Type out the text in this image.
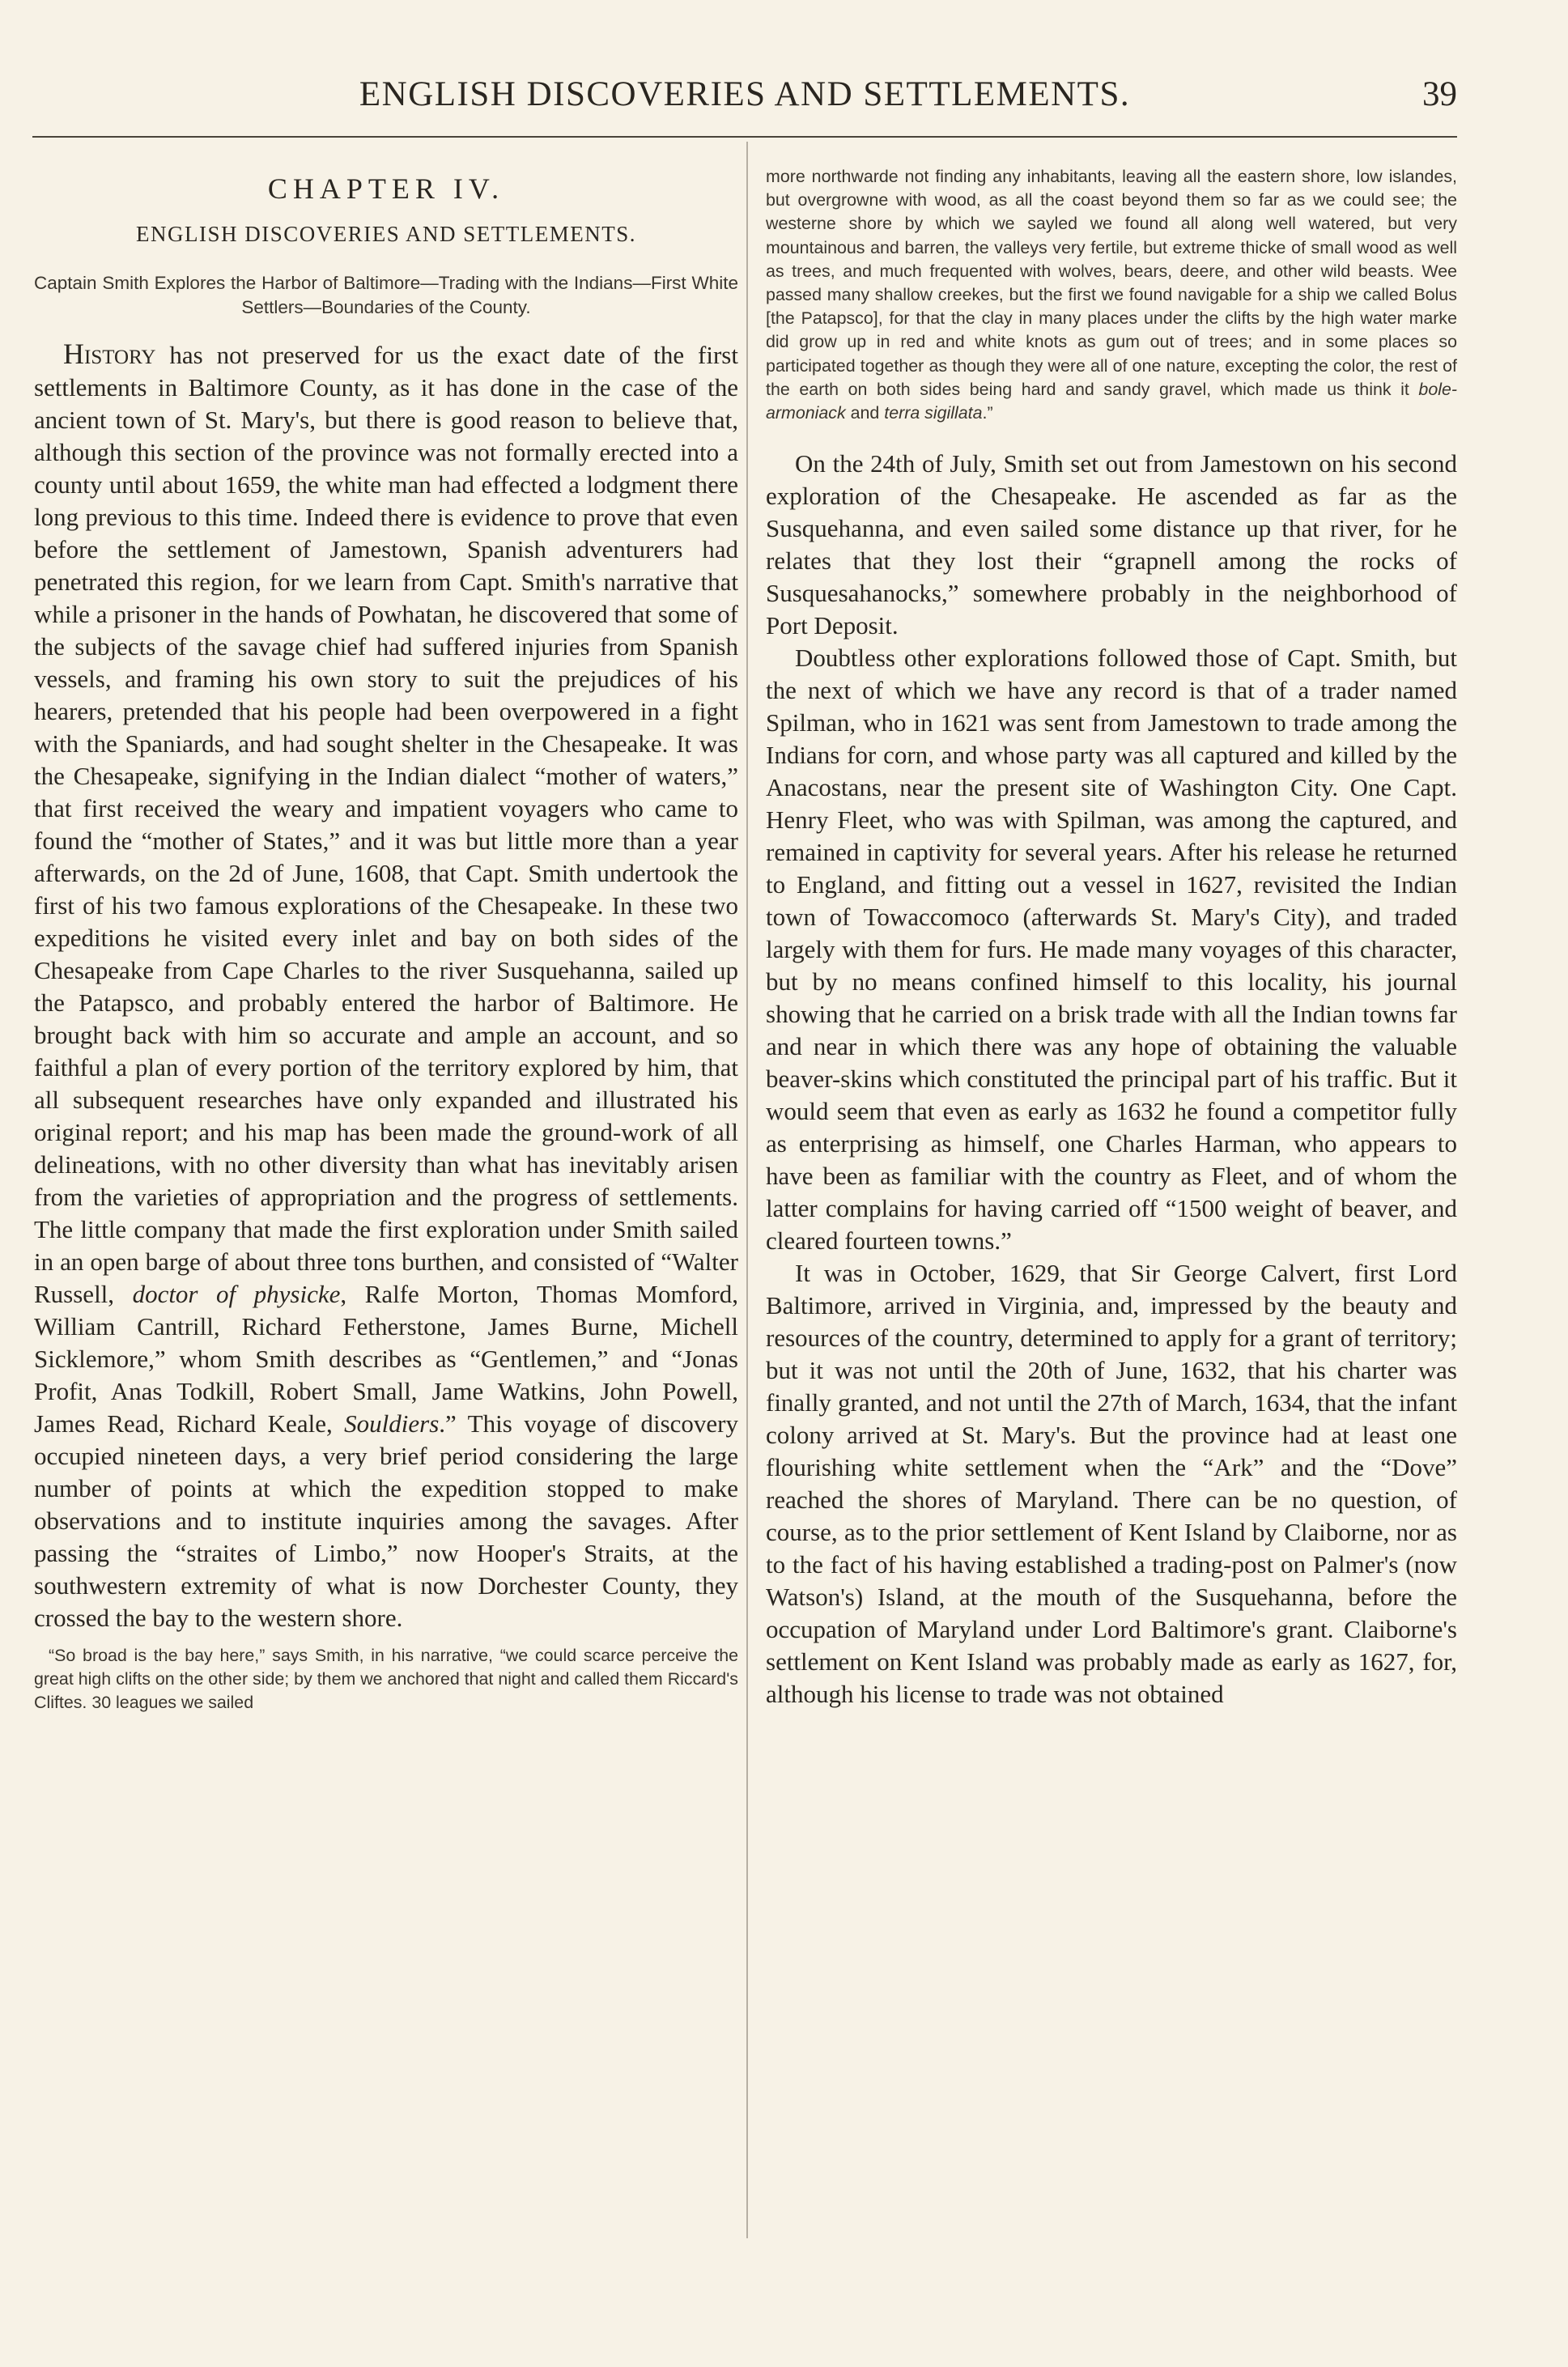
ENGLISH DISCOVERIES AND SETTLEMENTS.	39
CHAPTER IV.
ENGLISH DISCOVERIES AND SETTLEMENTS.
Captain Smith Explores the Harbor of Baltimore—Trading with the Indians—First White Settlers—Boundaries of the County.

History has not preserved for us the exact date of the first settlements in Baltimore County, as it has done in the case of the ancient town of St. Mary's, but there is good reason to believe that, although this section of the province was not formally erected into a county until about 1659, the white man had effected a lodgment there long previous to this time. Indeed there is evidence to prove that even before the settlement of Jamestown, Spanish adventurers had penetrated this region, for we learn from Capt. Smith's narrative that while a prisoner in the hands of Powhatan, he discovered that some of the subjects of the savage chief had suffered injuries from Spanish vessels, and framing his own story to suit the prejudices of his hearers, pretended that his people had been overpowered in a fight with the Spaniards, and had sought shelter in the Chesapeake. It was the Chesapeake, signifying in the Indian dialect “mother of waters,” that first received the weary and impatient voyagers who came to found the “mother of States,” and it was but little more than a year afterwards, on the 2d of June, 1608, that Capt. Smith undertook the first of his two famous explorations of the Chesapeake. In these two expeditions he visited every inlet and bay on both sides of the Chesapeake from Cape Charles to the river Susquehanna, sailed up the Patapsco, and probably entered the harbor of Baltimore. He brought back with him so accurate and ample an account, and so faithful a plan of every portion of the territory explored by him, that all subsequent researches have only expanded and illustrated his original report; and his map has been made the ground-work of all delineations, with no other diversity than what has inevitably arisen from the varieties of appropriation and the progress of settlements. The little company that made the first exploration under Smith sailed in an open barge of about three tons burthen, and consisted of “Walter Russell, doctor of physicke, Ralfe Morton, Thomas Momford, William Cantrill, Richard Fetherstone, James Burne, Michell Sicklemore,” whom Smith describes as “Gentlemen,” and “Jonas Profit, Anas Todkill, Robert Small, Jame Watkins, John Powell, James Read, Richard Keale, Souldiers.” This voyage of discovery occupied nineteen days, a very brief period considering the large number of points at which the expedition stopped to make observations and to institute inquiries among the savages. After passing the “straites of Limbo,” now Hooper's Straits, at the southwestern extremity of what is now Dorchester County, they crossed the bay to the western shore.

“So broad is the bay here,” says Smith, in his narrative, “we could scarce perceive the great high clifts on the other side; by them we anchored that night and called them Riccard's Cliftes. 30 leagues we sailed

more northwarde not finding any inhabitants, leaving all the eastern shore, low islandes, but overgrowne with wood, as all the coast beyond them so far as we could see; the westerne shore by which we sayled we found all along well watered, but very mountainous and barren, the valleys very fertile, but extreme thicke of small wood as well as trees, and much frequented with wolves, bears, deere, and other wild beasts. Wee passed many shallow creekes, but the first we found navigable for a ship we called Bolus [the Patapsco], for that the clay in many places under the clifts by the high water marke did grow up in red and white knots as gum out of trees; and in some places so participated together as though they were all of one nature, excepting the color, the rest of the earth on both sides being hard and sandy gravel, which made us think it bole-armoniack and terra sigillata.”

On the 24th of July, Smith set out from Jamestown on his second exploration of the Chesapeake. He ascended as far as the Susquehanna, and even sailed some distance up that river, for he relates that they lost their “grapnell among the rocks of Susquesahanocks,” somewhere probably in the neighborhood of Port Deposit.

Doubtless other explorations followed those of Capt. Smith, but the next of which we have any record is that of a trader named Spilman, who in 1621 was sent from Jamestown to trade among the Indians for corn, and whose party was all captured and killed by the Anacostans, near the present site of Washington City. One Capt. Henry Fleet, who was with Spilman, was among the captured, and remained in captivity for several years. After his release he returned to England, and fitting out a vessel in 1627, revisited the Indian town of Towaccomoco (afterwards St. Mary's City), and traded largely with them for furs. He made many voyages of this character, but by no means confined himself to this locality, his journal showing that he carried on a brisk trade with all the Indian towns far and near in which there was any hope of obtaining the valuable beaver-skins which constituted the principal part of his traffic. But it would seem that even as early as 1632 he found a competitor fully as enterprising as himself, one Charles Harman, who appears to have been as familiar with the country as Fleet, and of whom the latter complains for having carried off “1500 weight of beaver, and cleared fourteen towns.”

It was in October, 1629, that Sir George Calvert, first Lord Baltimore, arrived in Virginia, and, impressed by the beauty and resources of the country, determined to apply for a grant of territory; but it was not until the 20th of June, 1632, that his charter was finally granted, and not until the 27th of March, 1634, that the infant colony arrived at St. Mary's. But the province had at least one flourishing white settlement when the “Ark” and the “Dove” reached the shores of Maryland. There can be no question, of course, as to the prior settlement of Kent Island by Claiborne, nor as to the fact of his having established a trading-post on Palmer's (now Watson's) Island, at the mouth of the Susquehanna, before the occupation of Maryland under Lord Baltimore's grant. Claiborne's settlement on Kent Island was probably made as early as 1627, for, although his license to trade was not obtained
